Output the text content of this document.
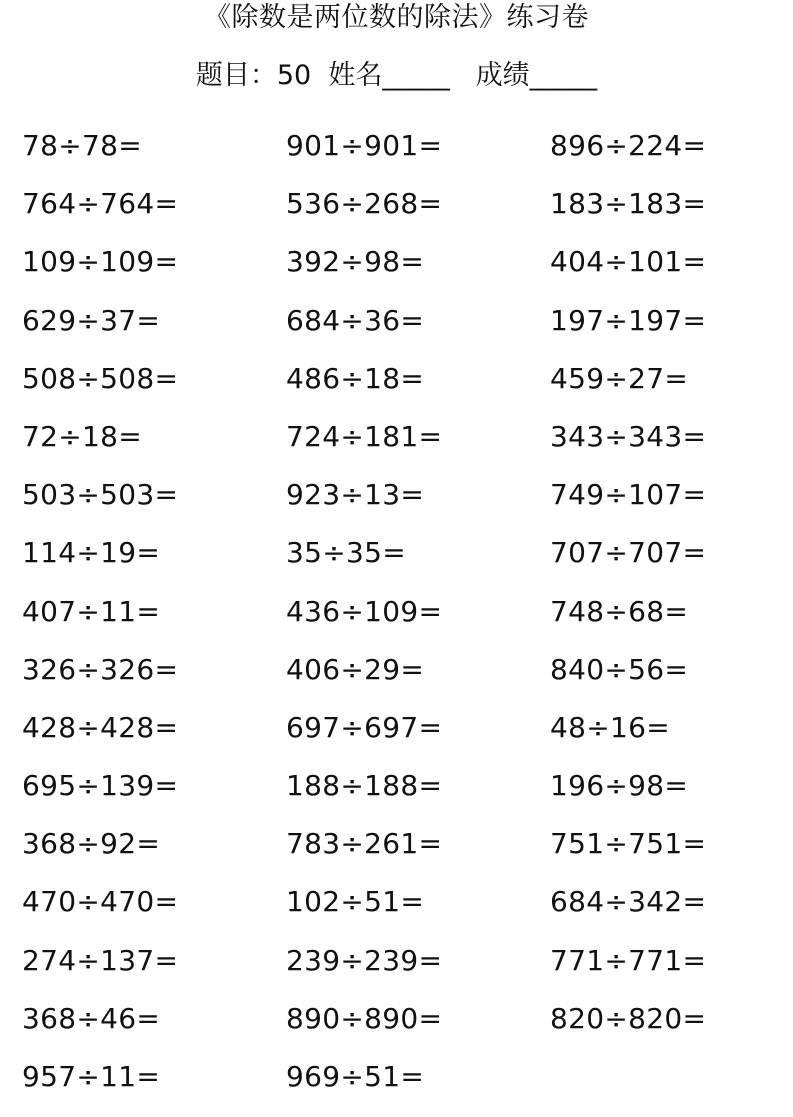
《除数是两位数的除法》练习卷
题目：50  姓名_____   成绩_____
78÷78=	901÷901=	896÷224=
764÷764=	536÷268=	183÷183=
109÷109=	392÷98=	404÷101=
629÷37=	684÷36=	197÷197=
508÷508=	486÷18=	459÷27=
72÷18=	724÷181=	343÷343=
503÷503=	923÷13=	749÷107=
114÷19=	35÷35=	707÷707=
407÷11=	436÷109=	748÷68=
326÷326=	406÷29=	840÷56=
428÷428=	697÷697=	48÷16=
695÷139=	188÷188=	196÷98=
368÷92=	783÷261=	751÷751=
470÷470=	102÷51=	684÷342=
274÷137=	239÷239=	771÷771=
368÷46=	890÷890=	820÷820=
957÷11=	969÷51=
